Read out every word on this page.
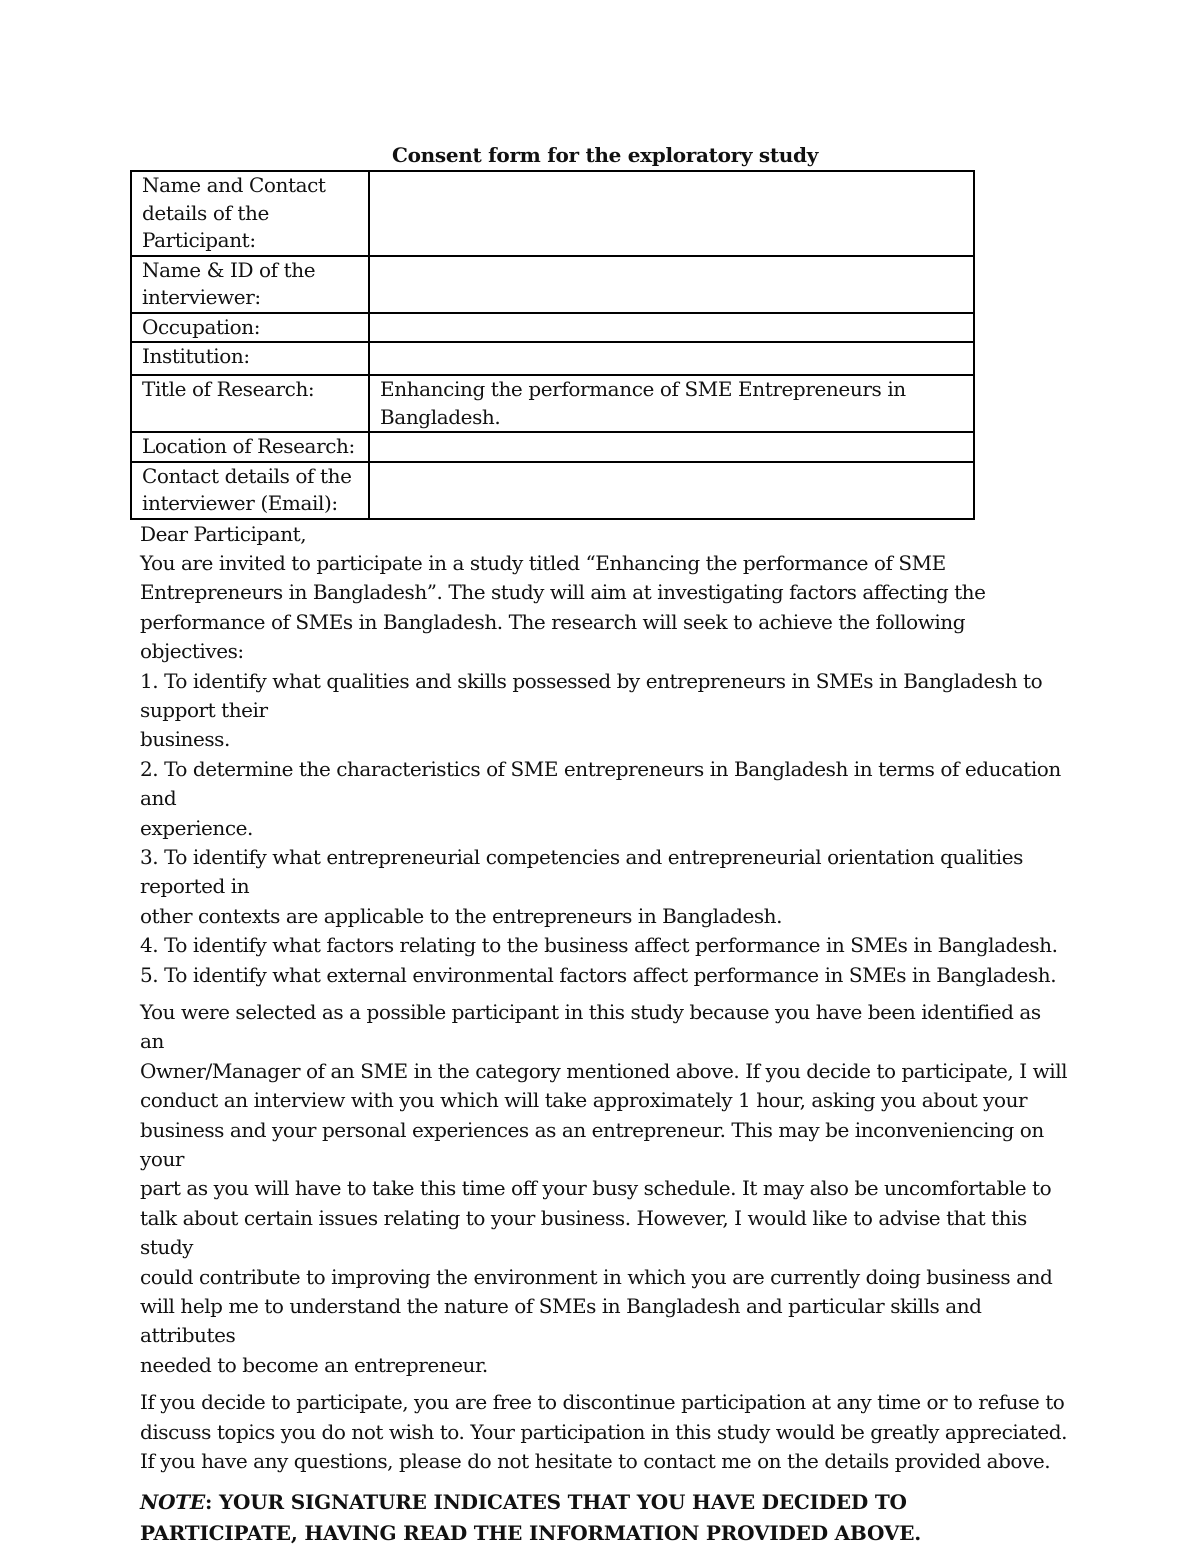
Consent form for the exploratory study
Name and Contact
details of the
Participant:	

Name & ID of the
interviewer:	

Occupation:	

Institution:	

Title of Research:	Enhancing the performance of SME Entrepreneurs in
Bangladesh.

Location of Research:	

Contact details of the
interviewer (Email):	

Dear Participant,
You are invited to participate in a study titled “Enhancing the performance of SME
Entrepreneurs in Bangladesh”. The study will aim at investigating factors affecting the
performance of SMEs in Bangladesh. The research will seek to achieve the following objectives:
1. To identify what qualities and skills possessed by entrepreneurs in SMEs in Bangladesh to
support their
business.
2. To determine the characteristics of SME entrepreneurs in Bangladesh in terms of education
and
experience.
3. To identify what entrepreneurial competencies and entrepreneurial orientation qualities
reported in
other contexts are applicable to the entrepreneurs in Bangladesh.
4. To identify what factors relating to the business affect performance in SMEs in Bangladesh.
5. To identify what external environmental factors affect performance in SMEs in Bangladesh.
You were selected as a possible participant in this study because you have been identified as an
Owner/Manager of an SME in the category mentioned above. If you decide to participate, I will
conduct an interview with you which will take approximately 1 hour, asking you about your
business and your personal experiences as an entrepreneur. This may be inconveniencing on your
part as you will have to take this time off your busy schedule. It may also be uncomfortable to
talk about certain issues relating to your business. However, I would like to advise that this study
could contribute to improving the environment in which you are currently doing business and
will help me to understand the nature of SMEs in Bangladesh and particular skills and attributes
needed to become an entrepreneur.
If you decide to participate, you are free to discontinue participation at any time or to refuse to
discuss topics you do not wish to. Your participation in this study would be greatly appreciated.
If you have any questions, please do not hesitate to contact me on the details provided above.
NOTE: YOUR SIGNATURE INDICATES THAT YOU HAVE DECIDED TO
PARTICIPATE, HAVING READ THE INFORMATION PROVIDED ABOVE.
